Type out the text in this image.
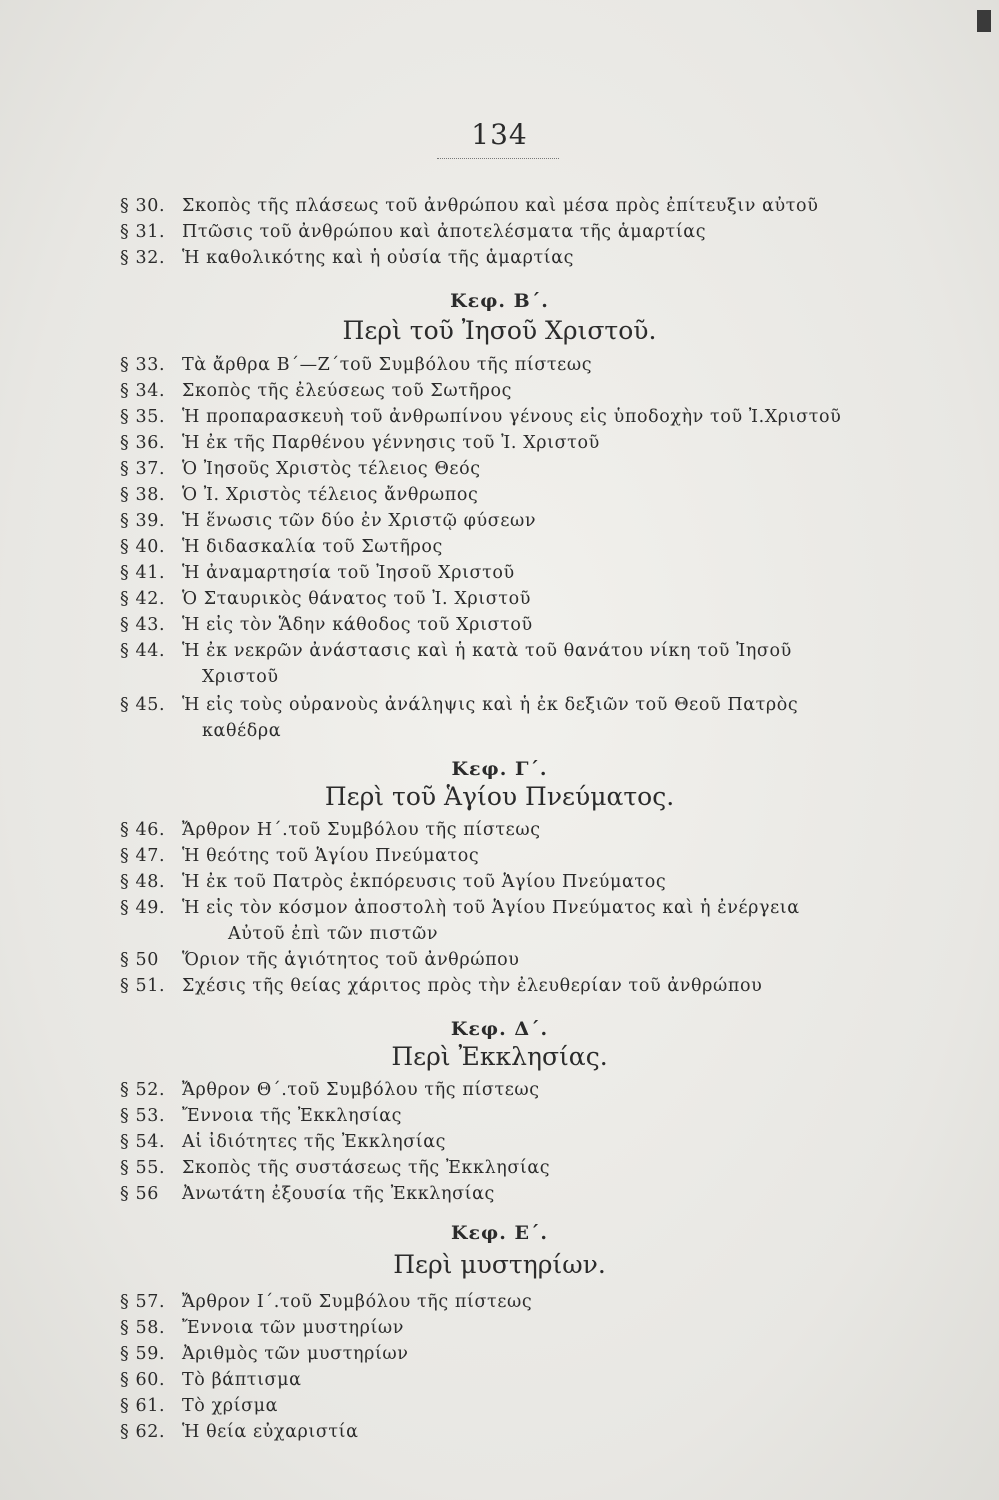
134
§ 30. Σκοπὸς τῆς πλάσεως τοῦ ἀνθρώπου καὶ μέσα πρὸς ἐπίτευξιν αὐτοῦ
§ 31. Πτῶσις τοῦ ἀνθρώπου καὶ ἀποτελέσματα τῆς ἁμαρτίας
§ 32. Ἡ καθολικότης καὶ ἡ οὐσία τῆς ἁμαρτίας
Κεφ. Β΄.
Περὶ τοῦ Ἰησοῦ Χριστοῦ.
§ 33. Τὰ ἄρθρα Β΄—Ζ΄τοῦ Συμβόλου τῆς πίστεως
§ 34. Σκοπὸς τῆς ἐλεύσεως τοῦ Σωτῆρος
§ 35. Ἡ προπαρασκευὴ τοῦ ἀνθρωπίνου γένους εἰς ὑποδοχὴν τοῦ Ἰ.Χριστοῦ
§ 36. Ἡ ἐκ τῆς Παρθένου γέννησις τοῦ Ἰ. Χριστοῦ
§ 37. Ὁ Ἰησοῦς Χριστὸς τέλειος Θεός
§ 38. Ὁ Ἰ. Χριστὸς τέλειος ἄνθρωπος
§ 39. Ἡ ἕνωσις τῶν δύο ἐν Χριστῷ φύσεων
§ 40. Ἡ διδασκαλία τοῦ Σωτῆρος
§ 41. Ἡ ἀναμαρτησία τοῦ Ἰησοῦ Χριστοῦ
§ 42. Ὁ Σταυρικὸς θάνατος τοῦ Ἰ. Χριστοῦ
§ 43. Ἡ εἰς τὸν Ἅδην κάθοδος τοῦ Χριστοῦ
§ 44. Ἡ ἐκ νεκρῶν ἀνάστασις καὶ ἡ κατὰ τοῦ θανάτου νίκη τοῦ Ἰησοῦ
Χριστοῦ
§ 45. Ἡ εἰς τοὺς οὐρανοὺς ἀνάληψις καὶ ἡ ἐκ δεξιῶν τοῦ Θεοῦ Πατρὸς
καθέδρα
Κεφ. Γ΄.
Περὶ τοῦ Ἁγίου Πνεύματος.
§ 46. Ἄρθρον Η΄.τοῦ Συμβόλου τῆς πίστεως
§ 47. Ἡ θεότης τοῦ Ἁγίου Πνεύματος
§ 48. Ἡ ἐκ τοῦ Πατρὸς ἐκπόρευσις τοῦ Ἁγίου Πνεύματος
§ 49. Ἡ εἰς τὸν κόσμον ἀποστολὴ τοῦ Ἁγίου Πνεύματος καὶ ἡ ἐνέργεια
Αὐτοῦ ἐπὶ τῶν πιστῶν
§ 50 Ὅριον τῆς ἁγιότητος τοῦ ἀνθρώπου
§ 51. Σχέσις τῆς θείας χάριτος πρὸς τὴν ἐλευθερίαν τοῦ ἀνθρώπου
Κεφ. Δ΄.
Περὶ Ἐκκλησίας.
§ 52. Ἄρθρον Θ΄.τοῦ Συμβόλου τῆς πίστεως
§ 53. Ἔννοια τῆς Ἐκκλησίας
§ 54. Αἱ ἰδιότητες τῆς Ἐκκλησίας
§ 55. Σκοπὸς τῆς συστάσεως τῆς Ἐκκλησίας
§ 56 Ἀνωτάτη ἐξουσία τῆς Ἐκκλησίας
Κεφ. Ε΄.
Περὶ μυστηρίων.
§ 57. Ἄρθρον Ι΄.τοῦ Συμβόλου τῆς πίστεως
§ 58. Ἔννοια τῶν μυστηρίων
§ 59. Ἀριθμὸς τῶν μυστηρίων
§ 60. Τὸ βάπτισμα
§ 61. Τὸ χρίσμα
§ 62. Ἡ θεία εὐχαριστία
